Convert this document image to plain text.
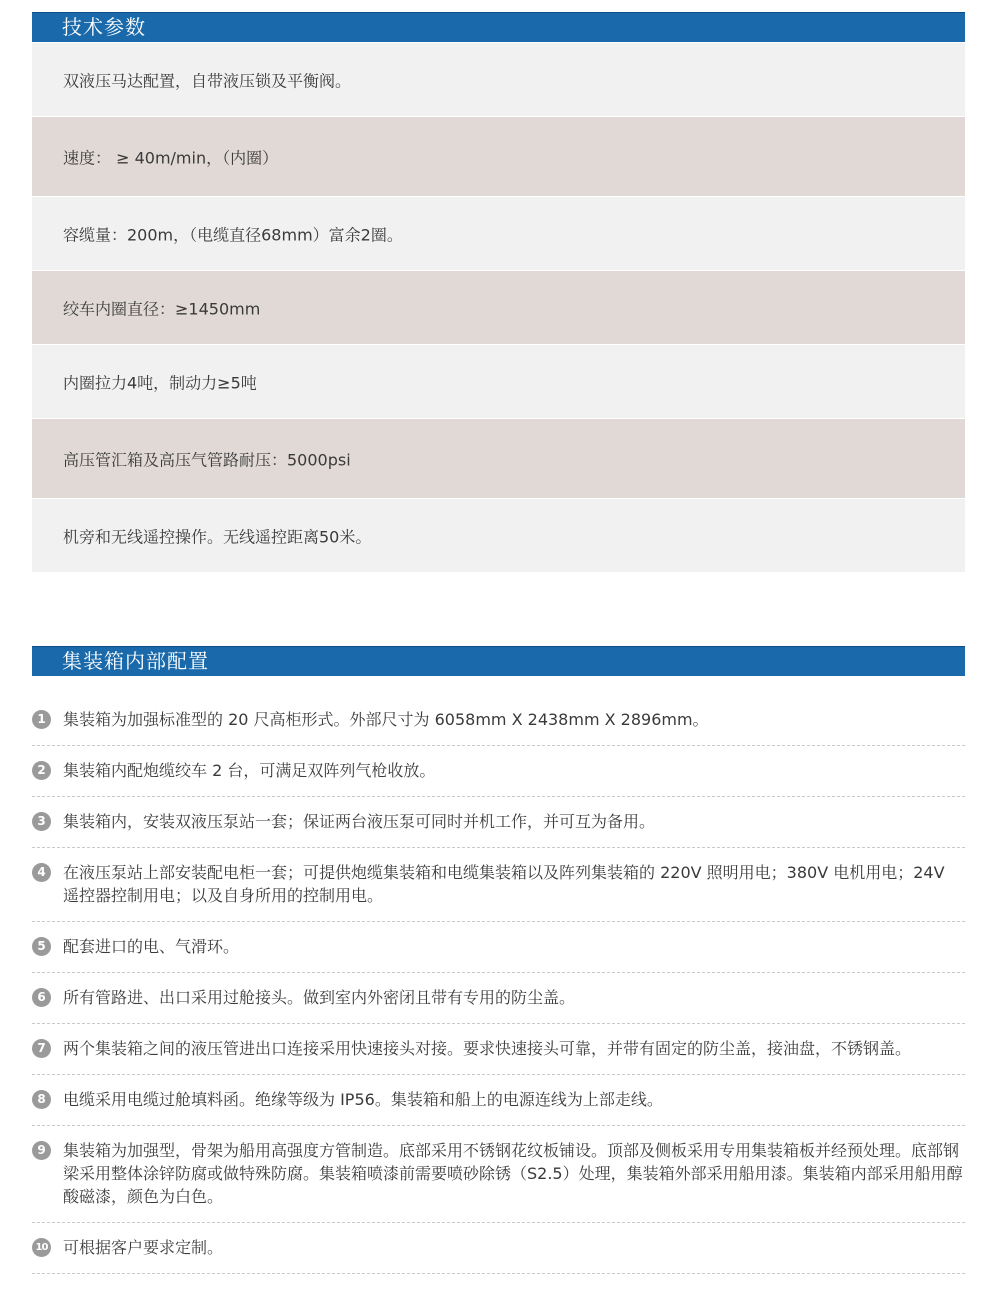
技术参数
双液压马达配置，自带液压锁及平衡阀。
速度： ≥ 40m/min，（内圈）
容缆量：200m，（电缆直径68mm）富余2圈。
绞车内圈直径：≥1450mm
内圈拉力4吨，制动力≥5吨
高压管汇箱及高压气管路耐压：5000psi
机旁和无线遥控操作。无线遥控距离50米。
集装箱内部配置
1	集装箱为加强标准型的 20 尺高柜形式。外部尺寸为 6058mm X 2438mm X 2896mm。
2	集装箱内配炮缆绞车 2 台，可满足双阵列气枪收放。
3	集装箱内，安装双液压泵站一套；保证两台液压泵可同时并机工作，并可互为备用。
4	在液压泵站上部安装配电柜一套；可提供炮缆集装箱和电缆集装箱以及阵列集装箱的 220V 照明用电；380V 电机用电；24V 遥控器控制用电；以及自身所用的控制用电。
5	配套进口的电、气滑环。
6	所有管路进、出口采用过舱接头。做到室内外密闭且带有专用的防尘盖。
7	两个集装箱之间的液压管进出口连接采用快速接头对接。要求快速接头可靠，并带有固定的防尘盖，接油盘，不锈钢盖。
8	电缆采用电缆过舱填料函。绝缘等级为 IP56。集装箱和船上的电源连线为上部走线。
9	集装箱为加强型，骨架为船用高强度方管制造。底部采用不锈钢花纹板铺设。顶部及侧板采用专用集装箱板并经预处理。底部钢梁采用整体涂锌防腐或做特殊防腐。集装箱喷漆前需要喷砂除锈（S2.5）处理，集装箱外部采用船用漆。集装箱内部采用船用醇酸磁漆，颜色为白色。
10 可根据客户要求定制。
